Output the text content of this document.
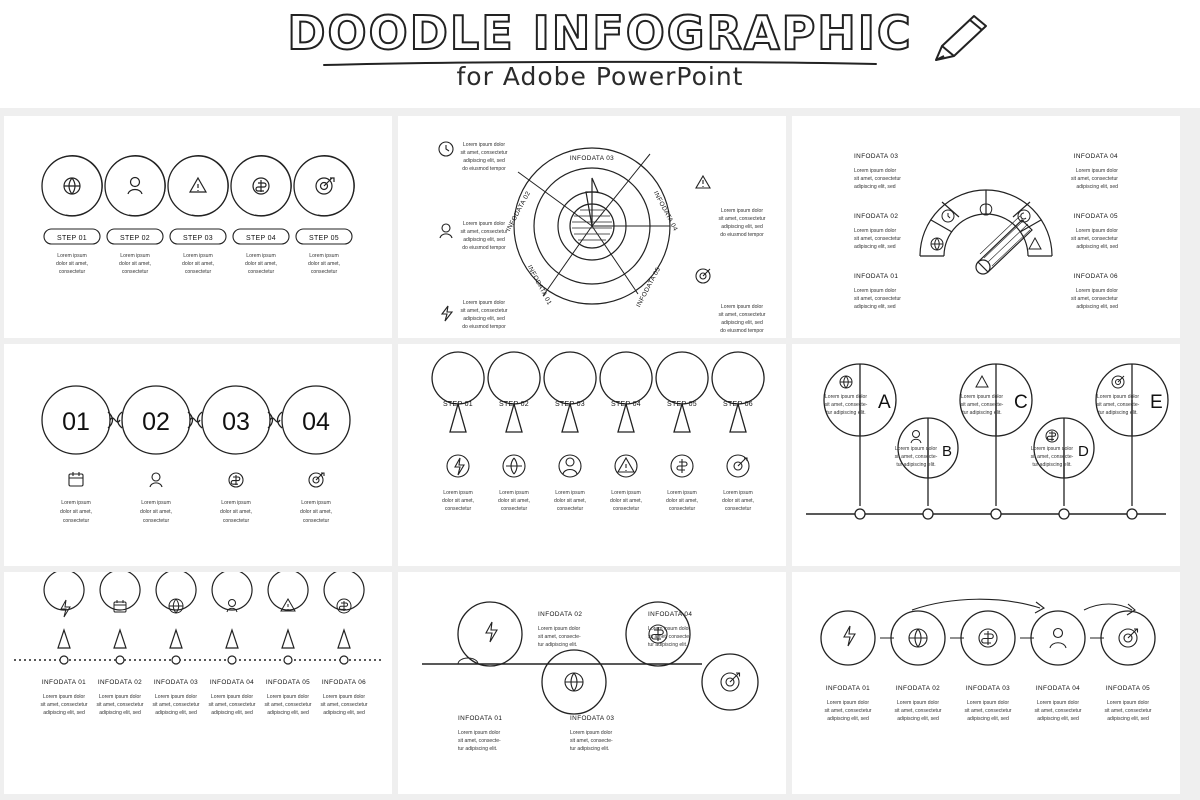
DOODLE INFOGRAPHIC
for Adobe PowerPoint
STEP 01	STEP 02	STEP 03	STEP 04	STEP 05
Lorem ipsum
dolor sit amet,
consectetur
Lorem ipsum
dolor sit amet,
consectetur
Lorem ipsum
dolor sit amet,
consectetur
Lorem ipsum
dolor sit amet,
consectetur
Lorem ipsum
dolor sit amet,
consectetur
INFODATA 03
INFODATA 02
INFODATA 01	INFODATA 05
INFODATA 04
Lorem ipsum dolor
sit amet, consectetur
adipiscing elit, sed
do eiusmod tempor
Lorem ipsum dolor
sit amet, consectetur
adipiscing elit, sed
do eiusmod tempor
Lorem ipsum dolor
sit amet, consectetur
adipiscing elit, sed
do eiusmod tempor
Lorem ipsum dolor
sit amet, consectetur
adipiscing elit, sed
do eiusmod tempor
Lorem ipsum dolor
sit amet, consectetur
adipiscing elit, sed
do eiusmod tempor
INFODATA 03
INFODATA 02
INFODATA 01
INFODATA 04
INFODATA 05
INFODATA 06
Lorem ipsum dolor
sit amet, consectetur
adipiscing elit, sed
Lorem ipsum dolor
sit amet, consectetur
adipiscing elit, sed
Lorem ipsum dolor
sit amet, consectetur
adipiscing elit, sed
Lorem ipsum dolor
sit amet, consectetur
adipiscing elit, sed
Lorem ipsum dolor
sit amet, consectetur
adipiscing elit, sed
Lorem ipsum dolor
sit amet, consectetur
adipiscing elit, sed
01 02 03 04
Lorem ipsum
dolor sit amet,
consectetur
Lorem ipsum
dolor sit amet,
consectetur
Lorem ipsum
dolor sit amet,
consectetur
Lorem ipsum
dolor sit amet,
consectetur
STEP 01	STEP 02	STEP 03	STEP 04	STEP 05	STEP 06
Lorem ipsum
dolor sit amet,
consectetur
Lorem ipsum
dolor sit amet,
consectetur
Lorem ipsum
dolor sit amet,
consectetur
Lorem ipsum
dolor sit amet,
consectetur
Lorem ipsum
dolor sit amet,
consectetur
Lorem ipsum
dolor sit amet,
consectetur
A
B
C
D
E
Lorem ipsum dolor
sit amet, consecte-
tur adipiscing elit.
Lorem ipsum dolor
sit amet, consecte-
tur adipiscing elit.
Lorem ipsum dolor
sit amet, consecte-
tur adipiscing elit.
Lorem ipsum dolor
sit amet, consecte-
tur adipiscing elit.
Lorem ipsum dolor
sit amet, consecte-
tur adipiscing elit.
INFODATA 01 INFODATA 02 INFODATA 03 INFODATA 04 INFODATA 05 INFODATA 06
Lorem ipsum dolor
sit amet, consectetur
adipiscing elit, sed
Lorem ipsum dolor
sit amet, consectetur
adipiscing elit, sed
Lorem ipsum dolor
sit amet, consectetur
adipiscing elit, sed
Lorem ipsum dolor
sit amet, consectetur
adipiscing elit, sed
Lorem ipsum dolor
sit amet, consectetur
adipiscing elit, sed
Lorem ipsum dolor
sit amet, consectetur
adipiscing elit, sed
INFODATA 02	INFODATA 04
INFODATA 01	INFODATA 03
Lorem ipsum dolor
sit amet, consecte-
tur adipiscing elit.
Lorem ipsum dolor
sit amet, consecte-
tur adipiscing elit.
Lorem ipsum dolor
sit amet, consecte-
tur adipiscing elit.
Lorem ipsum dolor
sit amet, consecte-
tur adipiscing elit.
INFODATA 01	INFODATA 02	INFODATA 03	INFODATA 04	INFODATA 05
Lorem ipsum dolor
sit amet, consectetur
adipiscing elit, sed
Lorem ipsum dolor
sit amet, consectetur
adipiscing elit, sed
Lorem ipsum dolor
sit amet, consectetur
adipiscing elit, sed
Lorem ipsum dolor
sit amet, consectetur
adipiscing elit, sed
Lorem ipsum dolor
sit amet, consectetur
adipiscing elit, sed
